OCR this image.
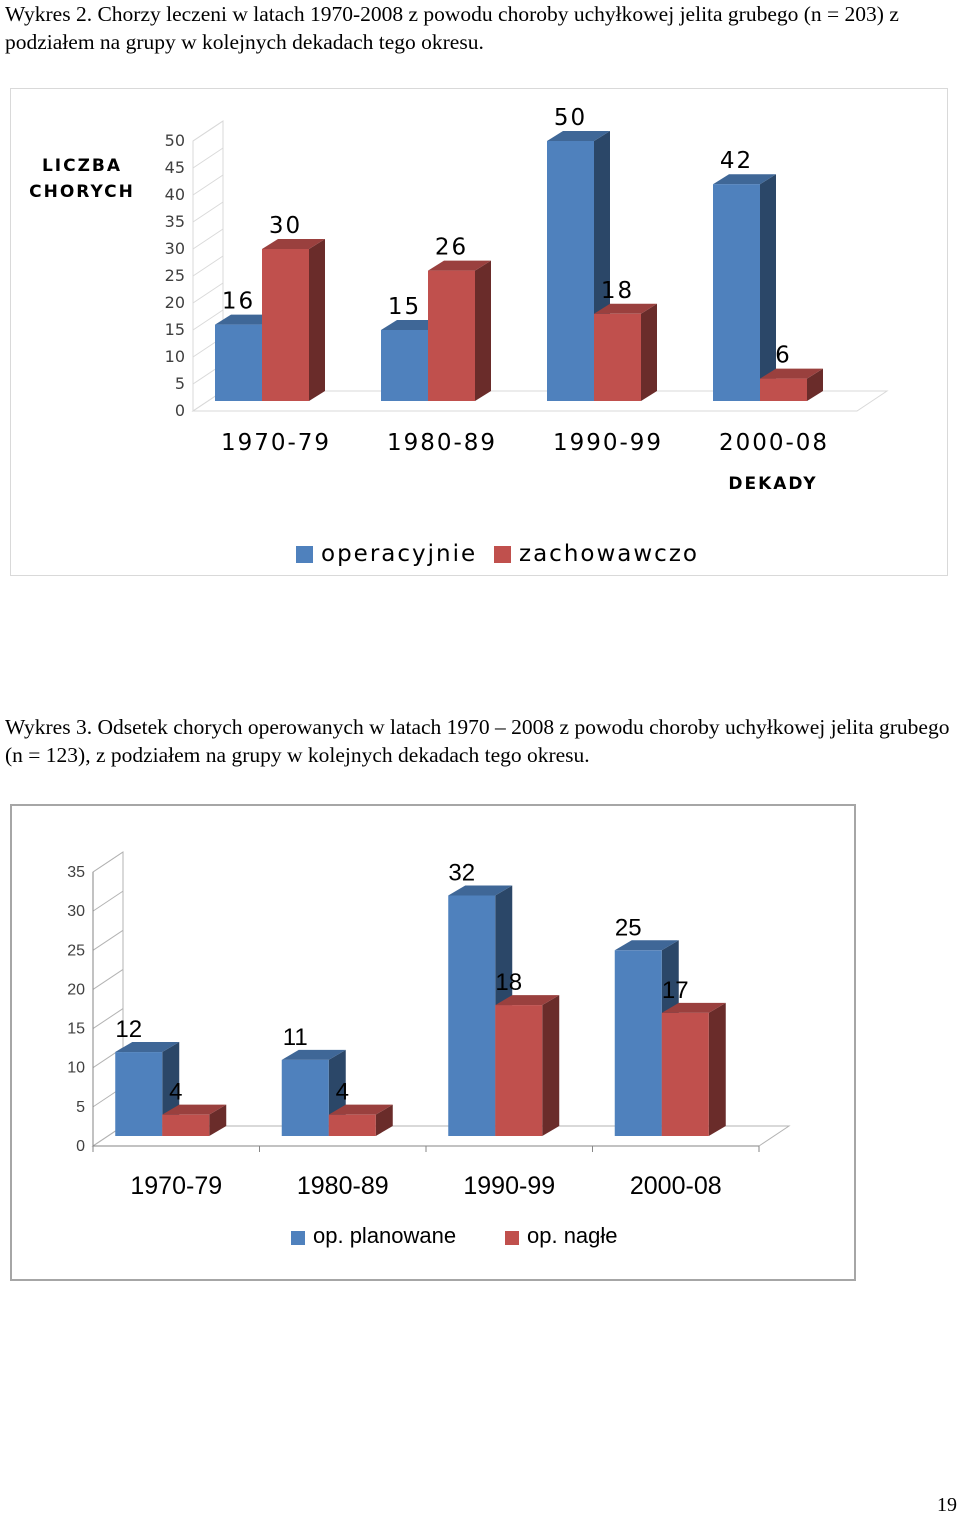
Wykres 2. Chorzy leczeni w latach 1970-2008 z powodu choroby uchyłkowej jelita grubego (n = 203) z podziałem na grupy w kolejnych dekadach tego okresu.
0
5
10
15
20
25
30
35
40
45
50
16
30
1970-79
15
26
1980-89
50
18
1990-99
42
6
2000-08
LICZBA
CHORYCH
DEKADY
operacyjnie zachowawczo
Wykres 3. Odsetek chorych operowanych w latach 1970 – 2008 z powodu choroby uchyłkowej jelita grubego (n = 123), z podziałem na grupy w kolejnych dekadach tego okresu.
0
5
10
15
20
25
30
35
12
4
1970-79
11
4
1980-89
32
18
1990-99
25
17
2000-08
op. planowane	op. nagłe
19
